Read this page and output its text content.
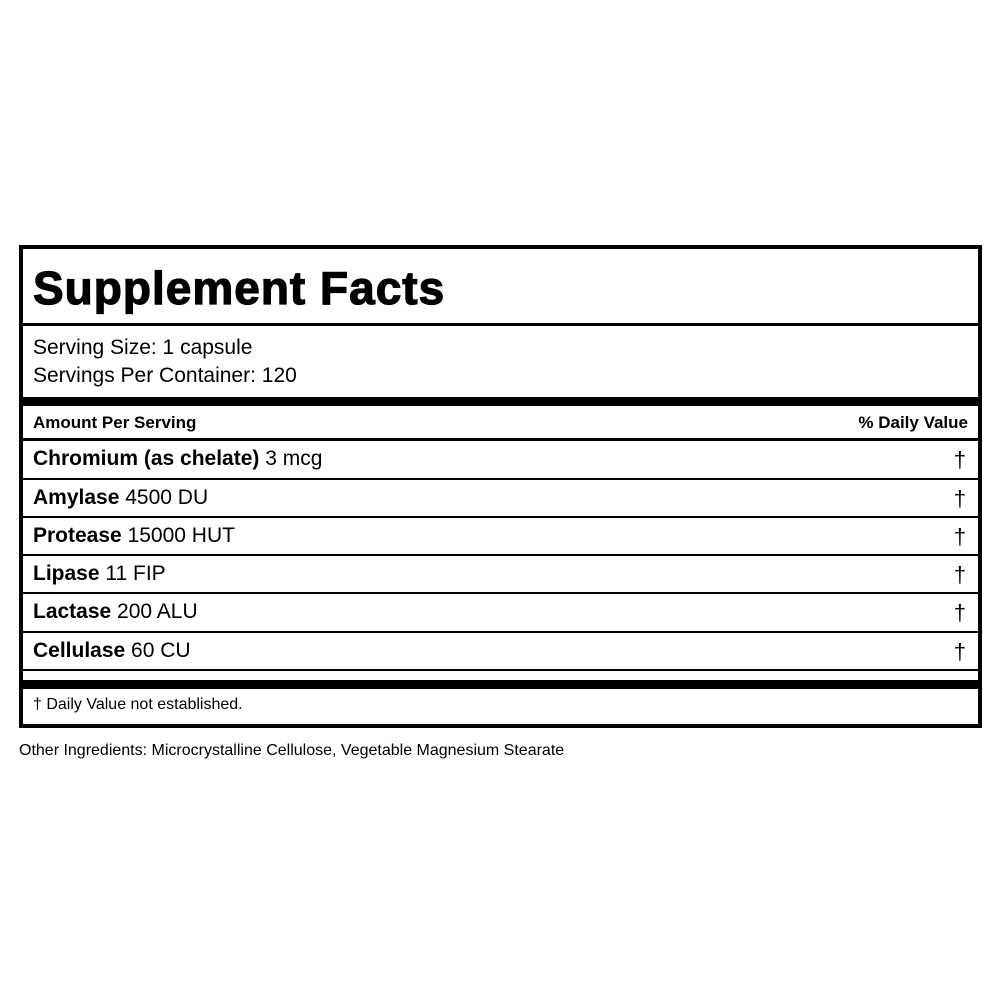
Supplement Facts
Serving Size: 1 capsule
Servings Per Container: 120
Amount Per Serving	% Daily Value
Chromium (as chelate) 3 mcg	†
Amylase 4500 DU	†
Protease 15000 HUT	†
Lipase 11 FIP	†
Lactase 200 ALU	†
Cellulase 60 CU	†
† Daily Value not established.
Other Ingredients: Microcrystalline Cellulose, Vegetable Magnesium Stearate
